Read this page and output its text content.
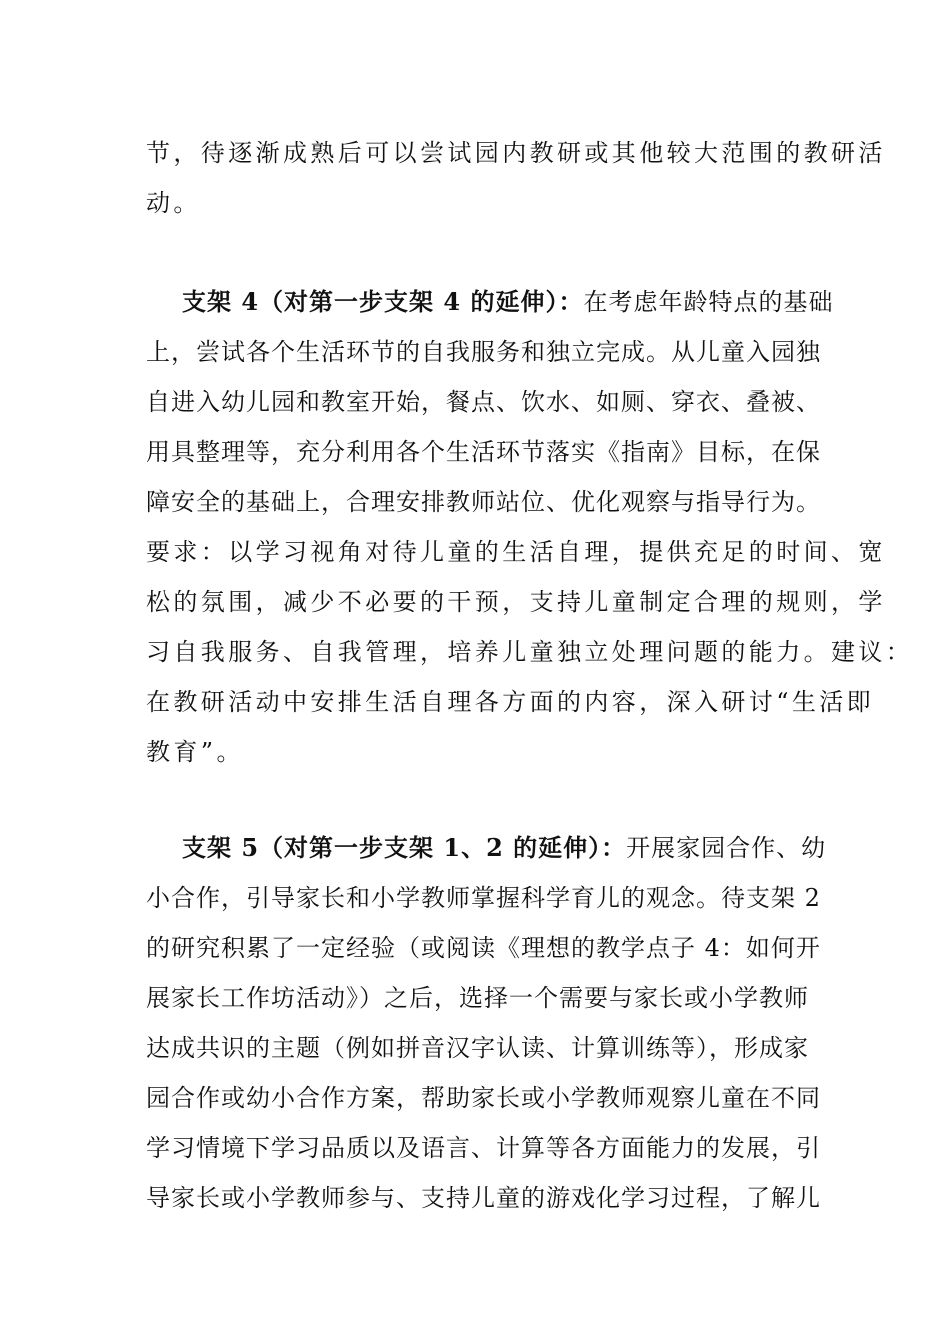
节，待逐渐成熟后可以尝试园内教研或其他较大范围的教研活
动。
支架 4（对第一步支架 4 的延伸）：在考虑年龄特点的基础
上，尝试各个生活环节的自我服务和独立完成。从儿童入园独
自进入幼儿园和教室开始，餐点、饮水、如厕、穿衣、叠被、
用具整理等，充分利用各个生活环节落实《指南》目标，在保
障安全的基础上，合理安排教师站位、优化观察与指导行为。
要求：以学习视角对待儿童的生活自理，提供充足的时间、宽
松的氛围，减少不必要的干预，支持儿童制定合理的规则，学
习自我服务、自我管理，培养儿童独立处理问题的能力。建议：
在教研活动中安排生活自理各方面的内容，深入研讨“生活即
教育”。
支架 5（对第一步支架 1、2 的延伸）：开展家园合作、幼
小合作，引导家长和小学教师掌握科学育儿的观念。待支架 2
的研究积累了一定经验（或阅读《理想的教学点子 4：如何开
展家长工作坊活动》）之后，选择一个需要与家长或小学教师
达成共识的主题（例如拼音汉字认读、计算训练等），形成家
园合作或幼小合作方案，帮助家长或小学教师观察儿童在不同
学习情境下学习品质以及语言、计算等各方面能力的发展，引
导家长或小学教师参与、支持儿童的游戏化学习过程，了解儿
